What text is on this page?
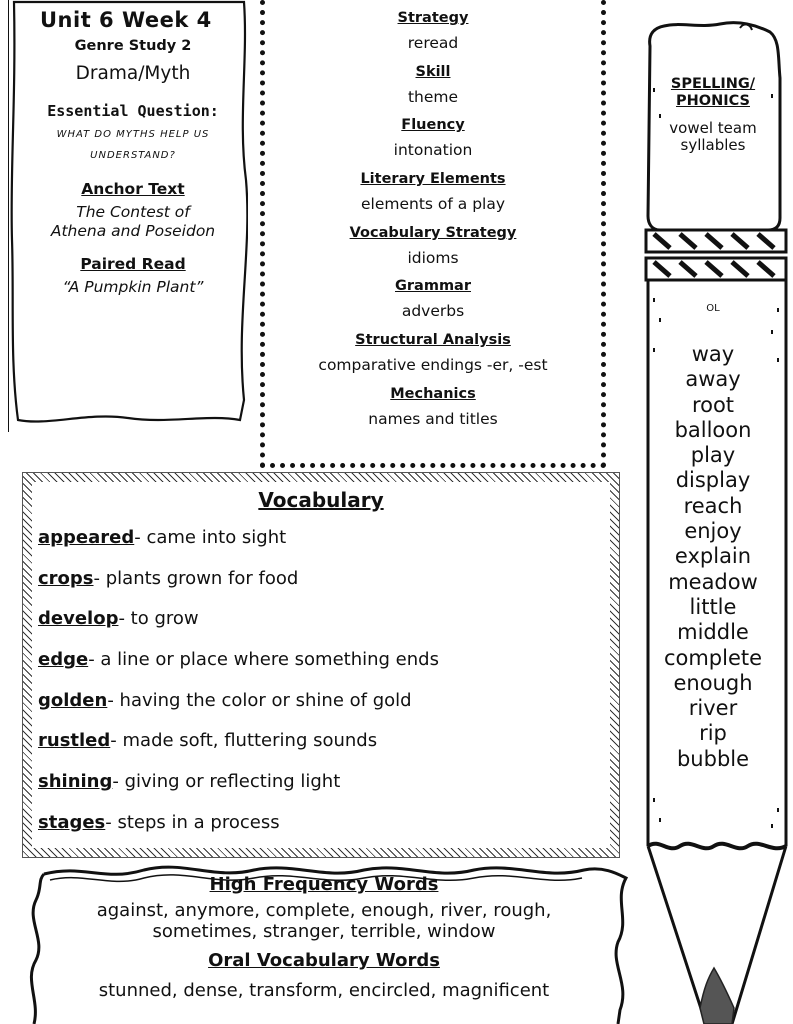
Unit 6 Week 4
Genre Study 2
Drama/Myth
Essential Question:
WHAT DO MYTHS HELP US
UNDERSTAND?
Anchor Text
The Contest of
Athena and Poseidon
Paired Read
“A Pumpkin Plant”
Strategy
reread
Skill
theme
Fluency
intonation
Literary Elements
elements of a play
Vocabulary Strategy
idioms
Grammar
adverbs
Structural Analysis
comparative endings -er, -est
Mechanics
names and titles
Vocabulary
appeared- came into sight
crops- plants grown for food
develop- to grow
edge- a line or place where something ends
golden- having the color or shine of gold
rustled- made soft, fluttering sounds
shining- giving or reflecting light
stages- steps in a process
High Frequency Words
against, anymore, complete, enough, river, rough,
sometimes, stranger, terrible, window
Oral Vocabulary Words
stunned, dense, transform, encircled, magnificent
SPELLING/
PHONICS
vowel team
syllables
OL
way
away
root
balloon
play
display
reach
enjoy
explain
meadow
little
middle
complete
enough
river
rip
bubble
